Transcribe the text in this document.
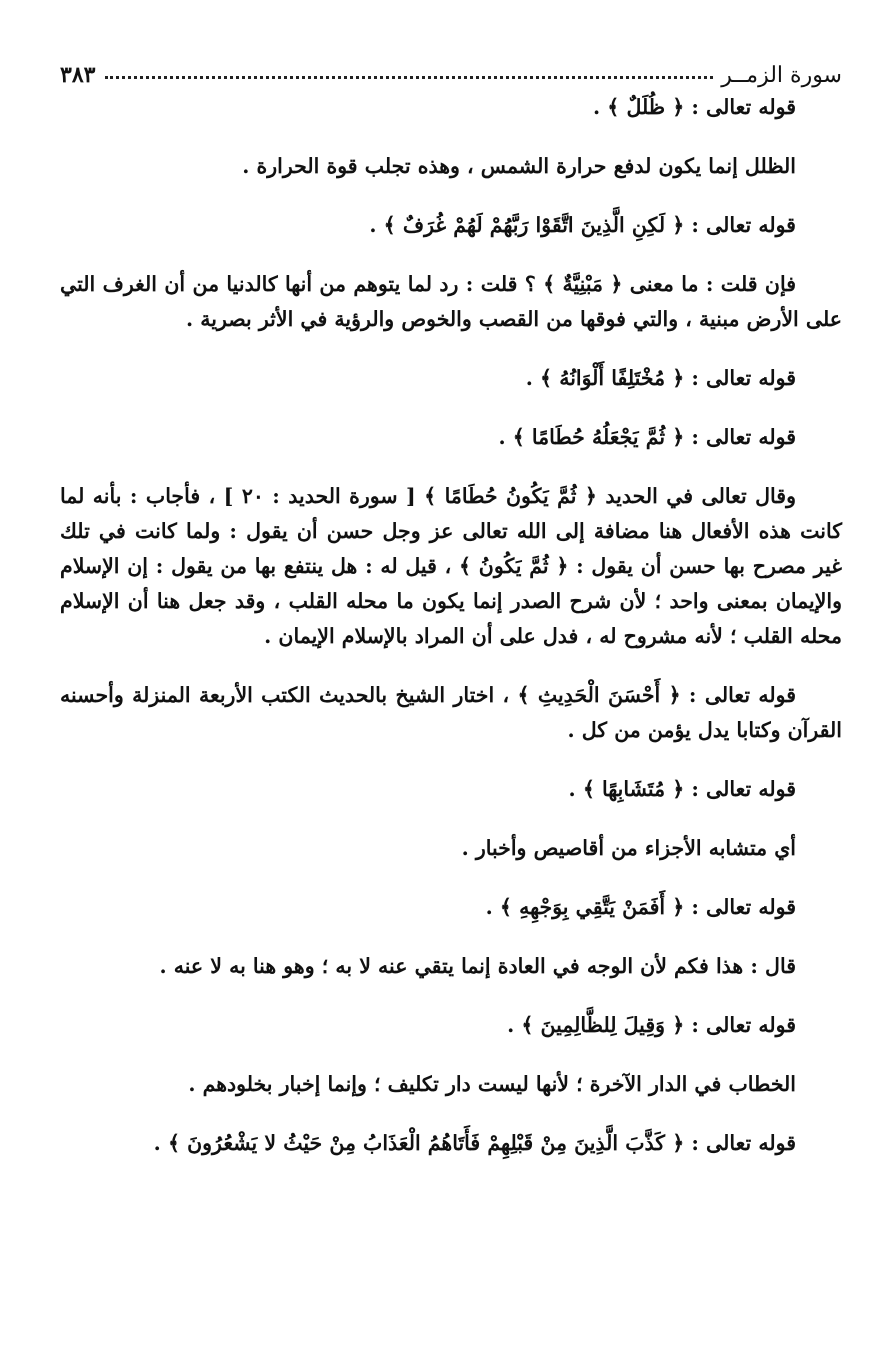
سورة الزمــر
٣٨٣

قوله تعالى : ﴿ ظُلَلٌ ﴾ .

الظلل إنما يكون لدفع حرارة الشمس ، وهذه تجلب قوة الحرارة .

قوله تعالى : ﴿ لَكِنِ الَّذِينَ اتَّقَوْا رَبَّهُمْ لَهُمْ غُرَفٌ ﴾ .

فإن قلت : ما معنى ﴿ مَبْنِيَّةٌ ﴾ ؟ قلت : رد لما يتوهم من أنها كالدنيا من أن الغرف التي على الأرض مبنية ، والتي فوقها من القصب والخوص والرؤية في الأثر بصرية .

قوله تعالى : ﴿ مُخْتَلِفًا أَلْوَانُهُ ﴾ .

قوله تعالى : ﴿ ثُمَّ يَجْعَلُهُ حُطَامًا ﴾ .

وقال تعالى في الحديد ﴿ ثُمَّ يَكُونُ حُطَامًا ﴾ [ سورة الحديد : ٢٠ ] ، فأجاب : بأنه لما كانت هذه الأفعال هنا مضافة إلى الله تعالى عز وجل حسن أن يقول : ولما كانت في تلك غير مصرح بها حسن أن يقول : ﴿ ثُمَّ يَكُونُ ﴾ ، قيل له : هل ينتفع بها من يقول : إن الإسلام والإيمان بمعنى واحد ؛ لأن شرح الصدر إنما يكون ما محله القلب ، وقد جعل هنا أن الإسلام محله القلب ؛ لأنه مشروح له ، فدل على أن المراد بالإسلام الإيمان .

قوله تعالى : ﴿ أَحْسَنَ الْحَدِيثِ ﴾ ، اختار الشيخ بالحديث الكتب الأربعة المنزلة وأحسنه القرآن وكتابا يدل يؤمن من كل .

قوله تعالى : ﴿ مُتَشَابِهًا ﴾ .

أي متشابه الأجزاء من أقاصيص وأخبار .

قوله تعالى : ﴿ أَفَمَنْ يَتَّقِي بِوَجْهِهِ ﴾ .

قال : هذا فكم لأن الوجه في العادة إنما يتقي عنه لا به ؛ وهو هنا به لا عنه .

قوله تعالى : ﴿ وَقِيلَ لِلظَّالِمِينَ ﴾ .

الخطاب في الدار الآخرة ؛ لأنها ليست دار تكليف ؛ وإنما إخبار بخلودهم .

قوله تعالى : ﴿ كَذَّبَ الَّذِينَ مِنْ قَبْلِهِمْ فَأَتَاهُمُ الْعَذَابُ مِنْ حَيْثُ لا يَشْعُرُونَ ﴾ .
